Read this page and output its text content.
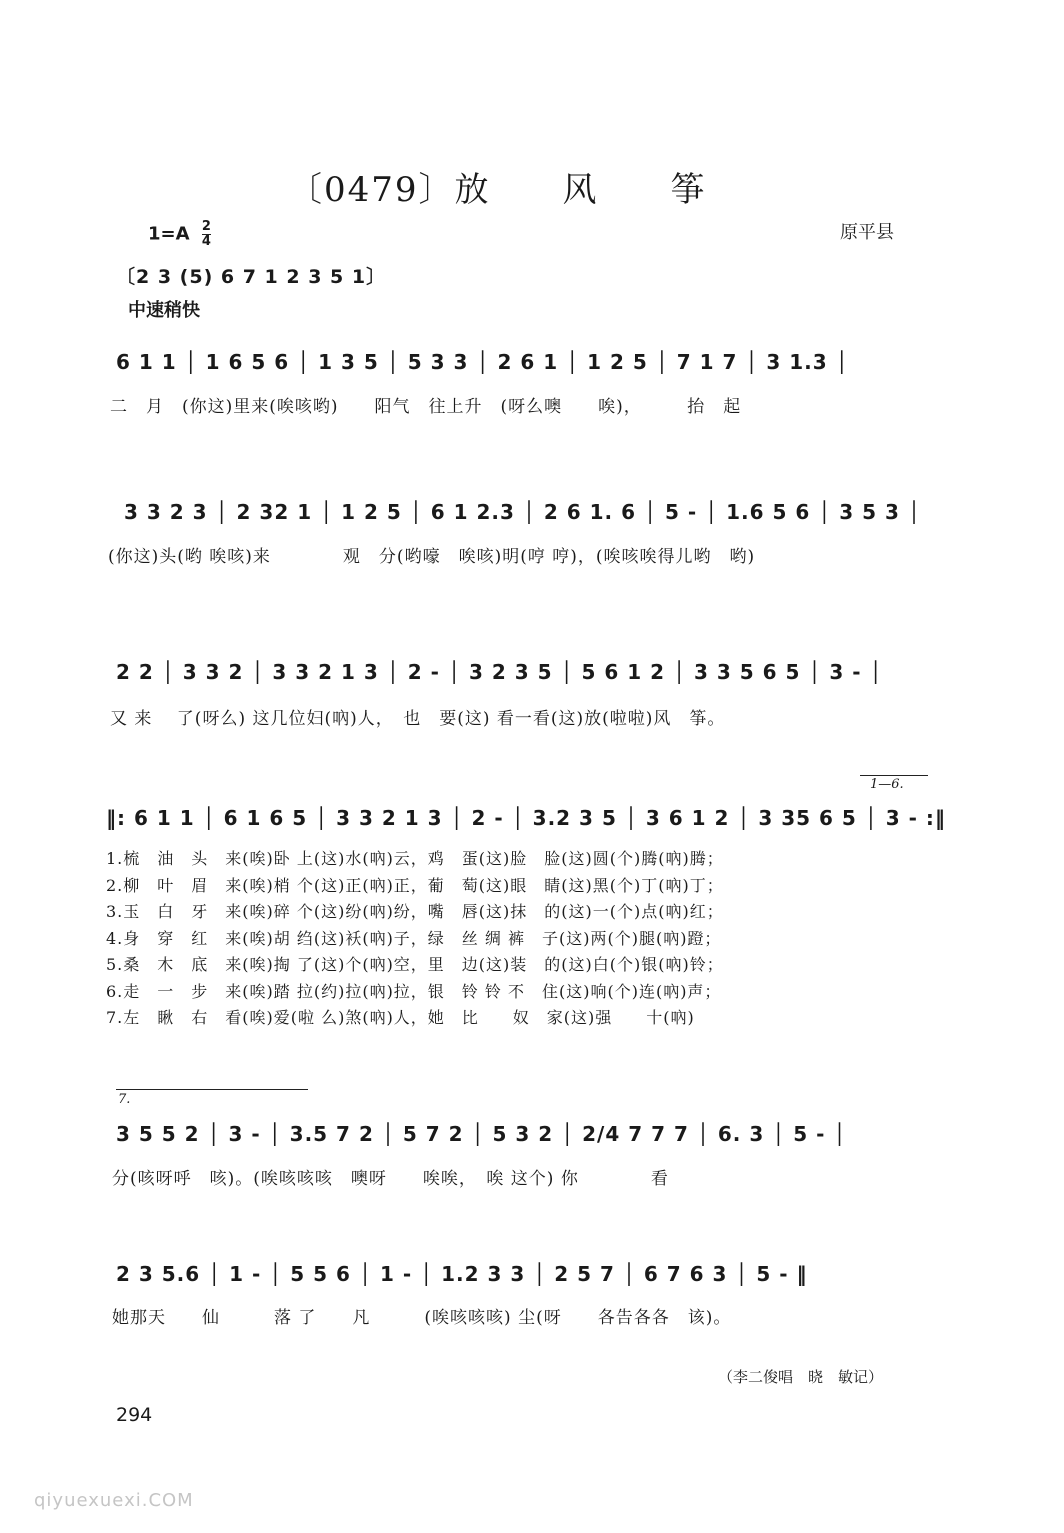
〔0479〕放　　风　　筝
$1=A \frac{2}{4}$	原平县
〔2 3 (5) 6 7 1 2 3 5 1〕
中速稍快
6 1 1 │ 1 6 5 6 │ 1 3 5 │ 5 3 3 │ 2 6 1 │ 1 2 5 │ 7 1 7 │ 3 1.3 │
二　月　(你这)里来(唉咳哟)　　阳气　往上升　(呀么噢　　唉)，　　　抬　起
3 3 2 3 │ 2 32 1 │ 1 2 5 │ 6 1 2.3 │ 2 6 1. 6 │ 5 - │ 1.6 5 6 │ 3 5 3 │
(你这)头(哟 唉咳)来　　　　观　分(哟嚎　唉咳)明(哼 哼)，(唉咳唉得儿哟　哟)
2 2 │ 3 3 2 │ 3 3 2 1 3 │ 2 - │ 3 2 3 5 │ 5 6 1 2 │ 3 3 5 6 5 │ 3 - │
又 来　 了(呀么) 这几位妇(吶)人，　也　要(这) 看一看(这)放(啦啦)风　筝。
1—6.
‖: 6 1 1 │ 6 1 6 5 │ 3 3 2 1 3 │ 2 - │ 3.2 3 5 │ 3 6 1 2 │ 3 35 6 5 │ 3 - :‖
1.梳　油　头　来(唉)卧 上(这)水(吶)云，鸡　蛋(这)脸　脸(这)圆(个)腾(吶)腾；
2.柳　叶　眉　来(唉)梢 个(这)正(吶)正，葡　萄(这)眼　睛(这)黑(个)丁(吶)丁；
3.玉　白　牙　来(唉)碎 个(这)纷(吶)纷，嘴　唇(这)抹　的(这)一(个)点(吶)红；
4.身　穿　红　来(唉)胡 绉(这)袄(吶)子，绿　丝 绸 裤　子(这)两(个)腿(吶)蹬；
5.桑　木　底　来(唉)掏 了(这)个(吶)空，里　边(这)装　的(这)白(个)银(吶)铃；
6.走　一　步　来(唉)踏 拉(约)拉(吶)拉，银　铃 铃 不　住(这)响(个)连(吶)声；
7.左　瞅　右　看(唉)爱(啦 么)煞(吶)人，她　比　　奴　家(这)强　　十(吶)
7.
3 5 5 2 │ 3 - │ 3.5 7 2 │ 5 7 2 │ 5 3 2 │ 2/4 7 7 7 │ 6. 3 │ 5 - │
分(咳呀呼　咳)。(唉咳咳咳　噢呀　　唉唉，　唉 这个) 你　　　　看
2 3 5.6 │ 1 - │ 5 5 6 │ 1 - │ 1.2 3 3 │ 2 5 7 │ 6 7 6 3 │ 5 - ‖
她那天　　仙　　　落 了　　凡　　　(唉咳咳咳) 尘(呀　　各告各各　该)。
（李二俊唱　晓　敏记）
294
qiyuexuexi.COM
